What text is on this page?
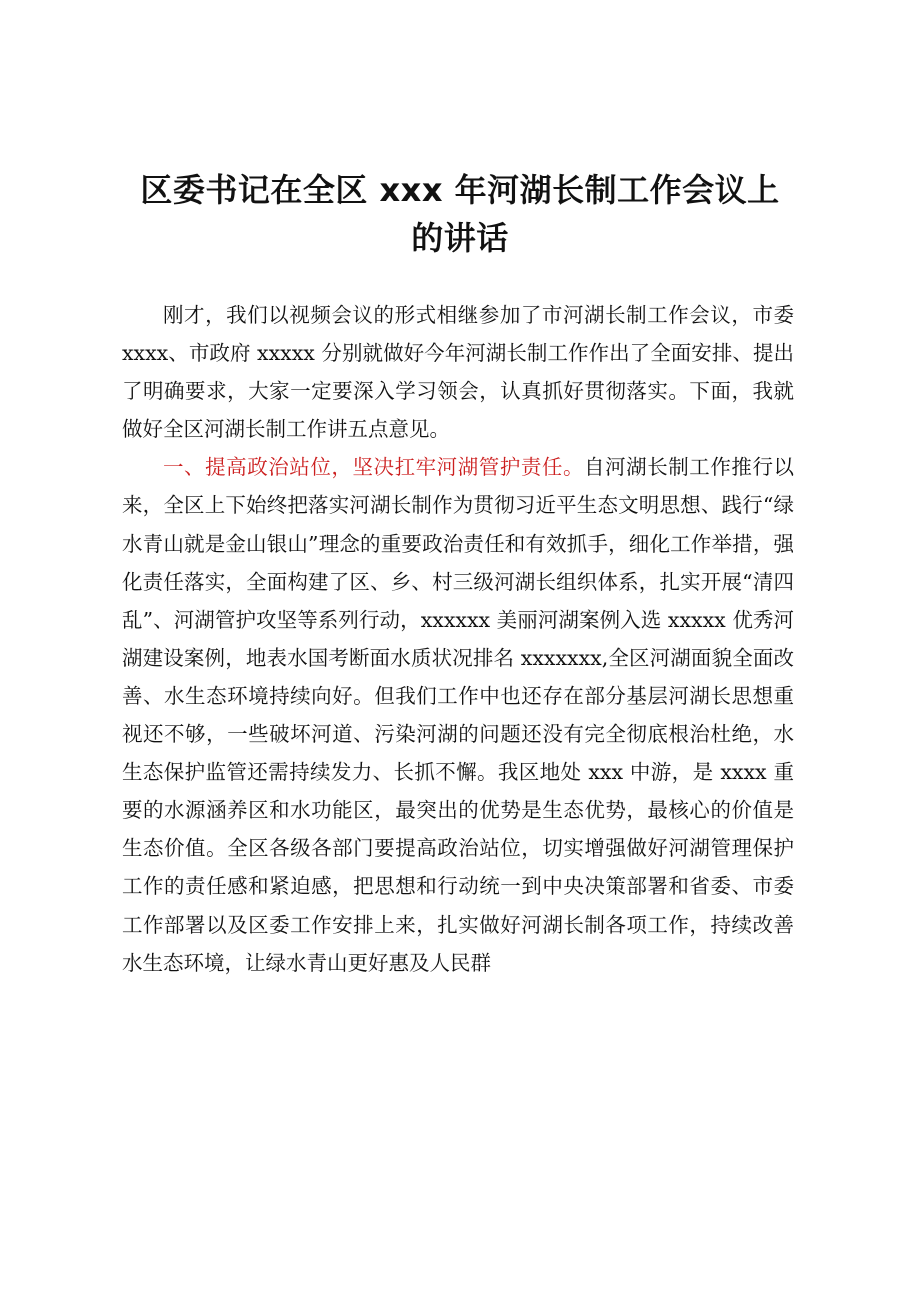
区委书记在全区 xxx 年河湖长制工作会议上
的讲话

刚才，我们以视频会议的形式相继参加了市河湖长制工作会议，市委 xxxx、市政府 xxxxx 分别就做好今年河湖长制工作作出了全面安排、提出了明确要求，大家一定要深入学习领会，认真抓好贯彻落实。下面，我就做好全区河湖长制工作讲五点意见。

一、提高政治站位，坚决扛牢河湖管护责任。自河湖长制工作推行以来，全区上下始终把落实河湖长制作为贯彻习近平生态文明思想、践行“绿水青山就是金山银山”理念的重要政治责任和有效抓手，细化工作举措，强化责任落实，全面构建了区、乡、村三级河湖长组织体系，扎实开展“清四乱”、河湖管护攻坚等系列行动，xxxxxx 美丽河湖案例入选 xxxxx 优秀河湖建设案例，地表水国考断面水质状况排名 xxxxxxx,全区河湖面貌全面改善、水生态环境持续向好。但我们工作中也还存在部分基层河湖长思想重视还不够，一些破坏河道、污染河湖的问题还没有完全彻底根治杜绝，水生态保护监管还需持续发力、长抓不懈。我区地处 xxx 中游，是 xxxx 重要的水源涵养区和水功能区，最突出的优势是生态优势，最核心的价值是生态价值。全区各级各部门要提高政治站位，切实增强做好河湖管理保护工作的责任感和紧迫感，把思想和行动统一到中央决策部署和省委、市委工作部署以及区委工作安排上来，扎实做好河湖长制各项工作，持续改善水生态环境，让绿水青山更好惠及人民群
